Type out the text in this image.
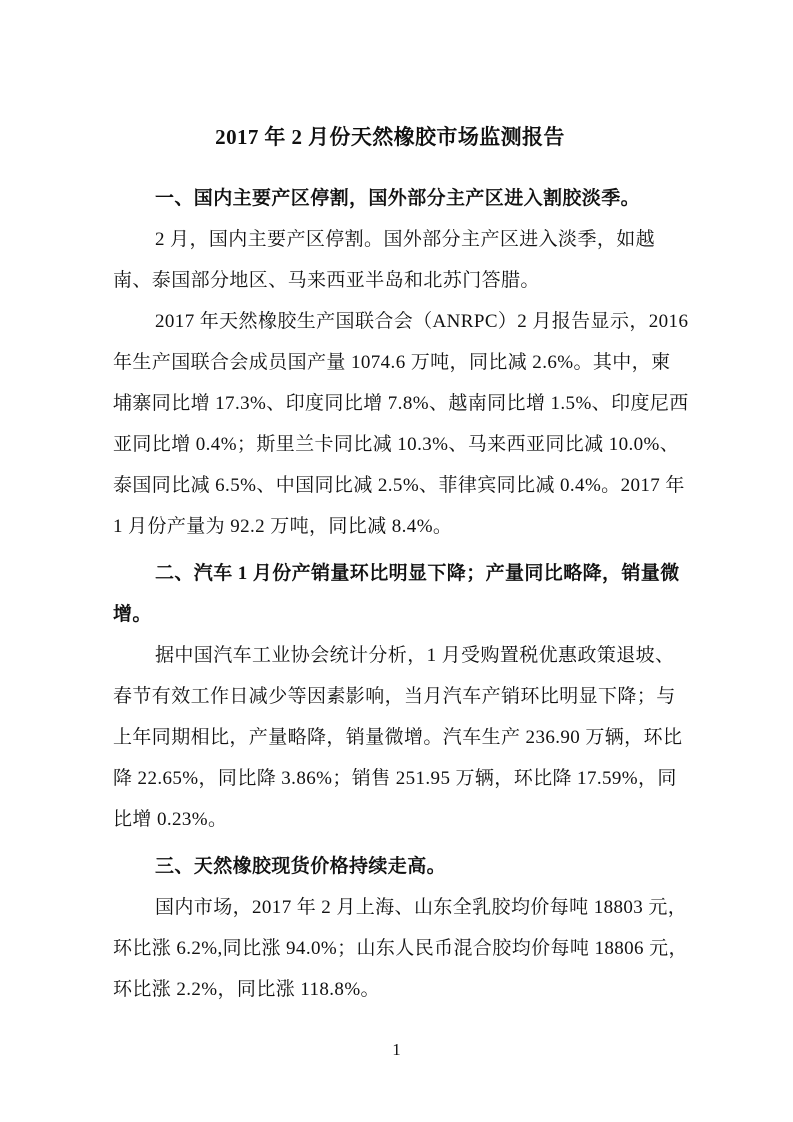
2017 年 2 月份天然橡胶市场监测报告
一、国内主要产区停割，国外部分主产区进入割胶淡季。
2 月，国内主要产区停割。国外部分主产区进入淡季，如越
南、泰国部分地区、马来西亚半岛和北苏门答腊。
2017 年天然橡胶生产国联合会（ANRPC）2 月报告显示，2016
年生产国联合会成员国产量 1074.6 万吨，同比减 2.6%。其中，柬
埔寨同比增 17.3%、印度同比增 7.8%、越南同比增 1.5%、印度尼西
亚同比增 0.4%；斯里兰卡同比减 10.3%、马来西亚同比减 10.0%、
泰国同比减 6.5%、中国同比减 2.5%、菲律宾同比减 0.4%。2017 年
1 月份产量为 92.2 万吨，同比减 8.4%。
二、汽车 1 月份产销量环比明显下降；产量同比略降，销量微
增。
据中国汽车工业协会统计分析，1 月受购置税优惠政策退坡、
春节有效工作日减少等因素影响，当月汽车产销环比明显下降；与
上年同期相比，产量略降，销量微增。汽车生产 236.90 万辆，环比
降 22.65%，同比降 3.86%；销售 251.95 万辆，环比降 17.59%，同
比增 0.23%。
三、天然橡胶现货价格持续走高。
国内市场，2017 年 2 月上海、山东全乳胶均价每吨 18803 元，
环比涨 6.2%,同比涨 94.0%；山东人民币混合胶均价每吨 18806 元，
环比涨 2.2%，同比涨 118.8%。
1
